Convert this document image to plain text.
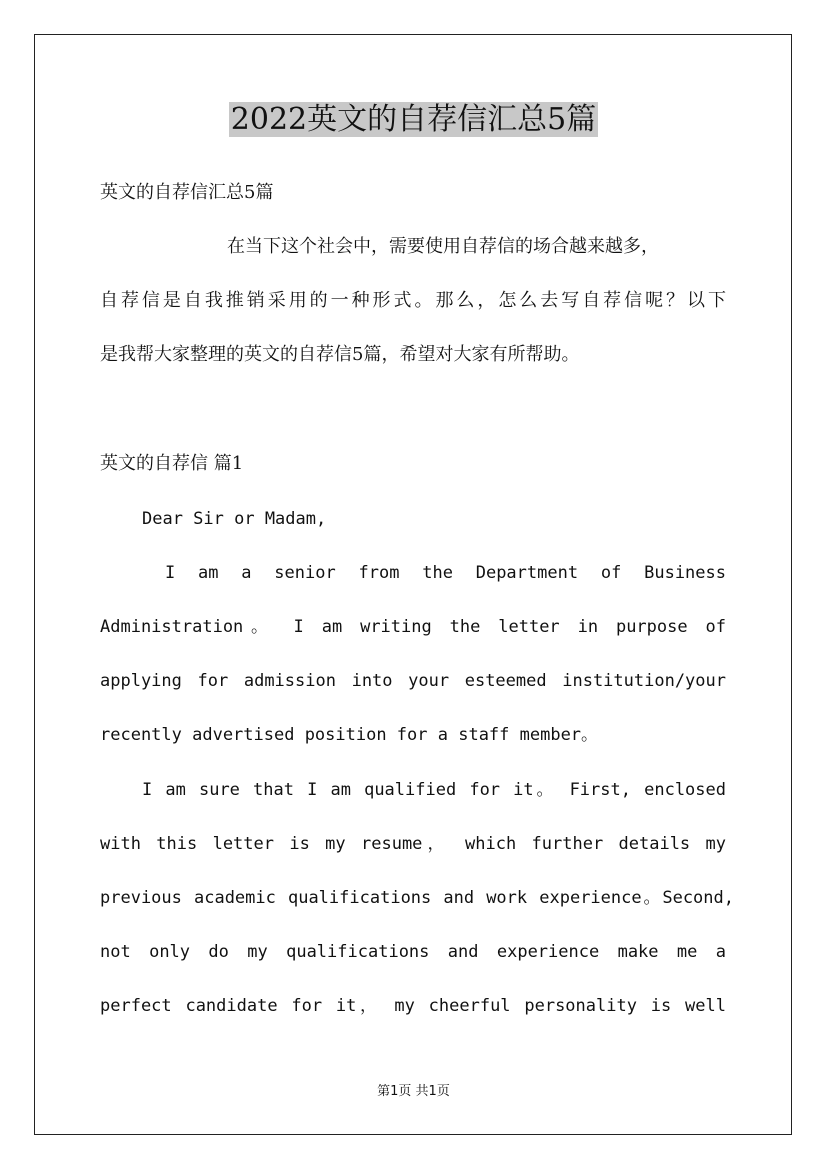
2022英文的自荐信汇总5篇
英文的自荐信汇总5篇
在当下这个社会中，需要使用自荐信的场合越来越多，
自荐信是自我推销采用的一种形式。那么，怎么去写自荐信呢？以下
是我帮大家整理的英文的自荐信5篇，希望对大家有所帮助。
英文的自荐信 篇1
Dear Sir or Madam,
I am a senior from the Department of Business
Administration。 I am writing the letter in purpose of
applying for admission into your esteemed institution/your
recently advertised position for a staff member。
I am sure that I am qualified for it。 First, enclosed
with this letter is my resume， which further details my
previous academic qualifications and work experience。Second,
not only do my qualifications and experience make me a
perfect candidate for it， my cheerful personality is well
第1页 共1页
